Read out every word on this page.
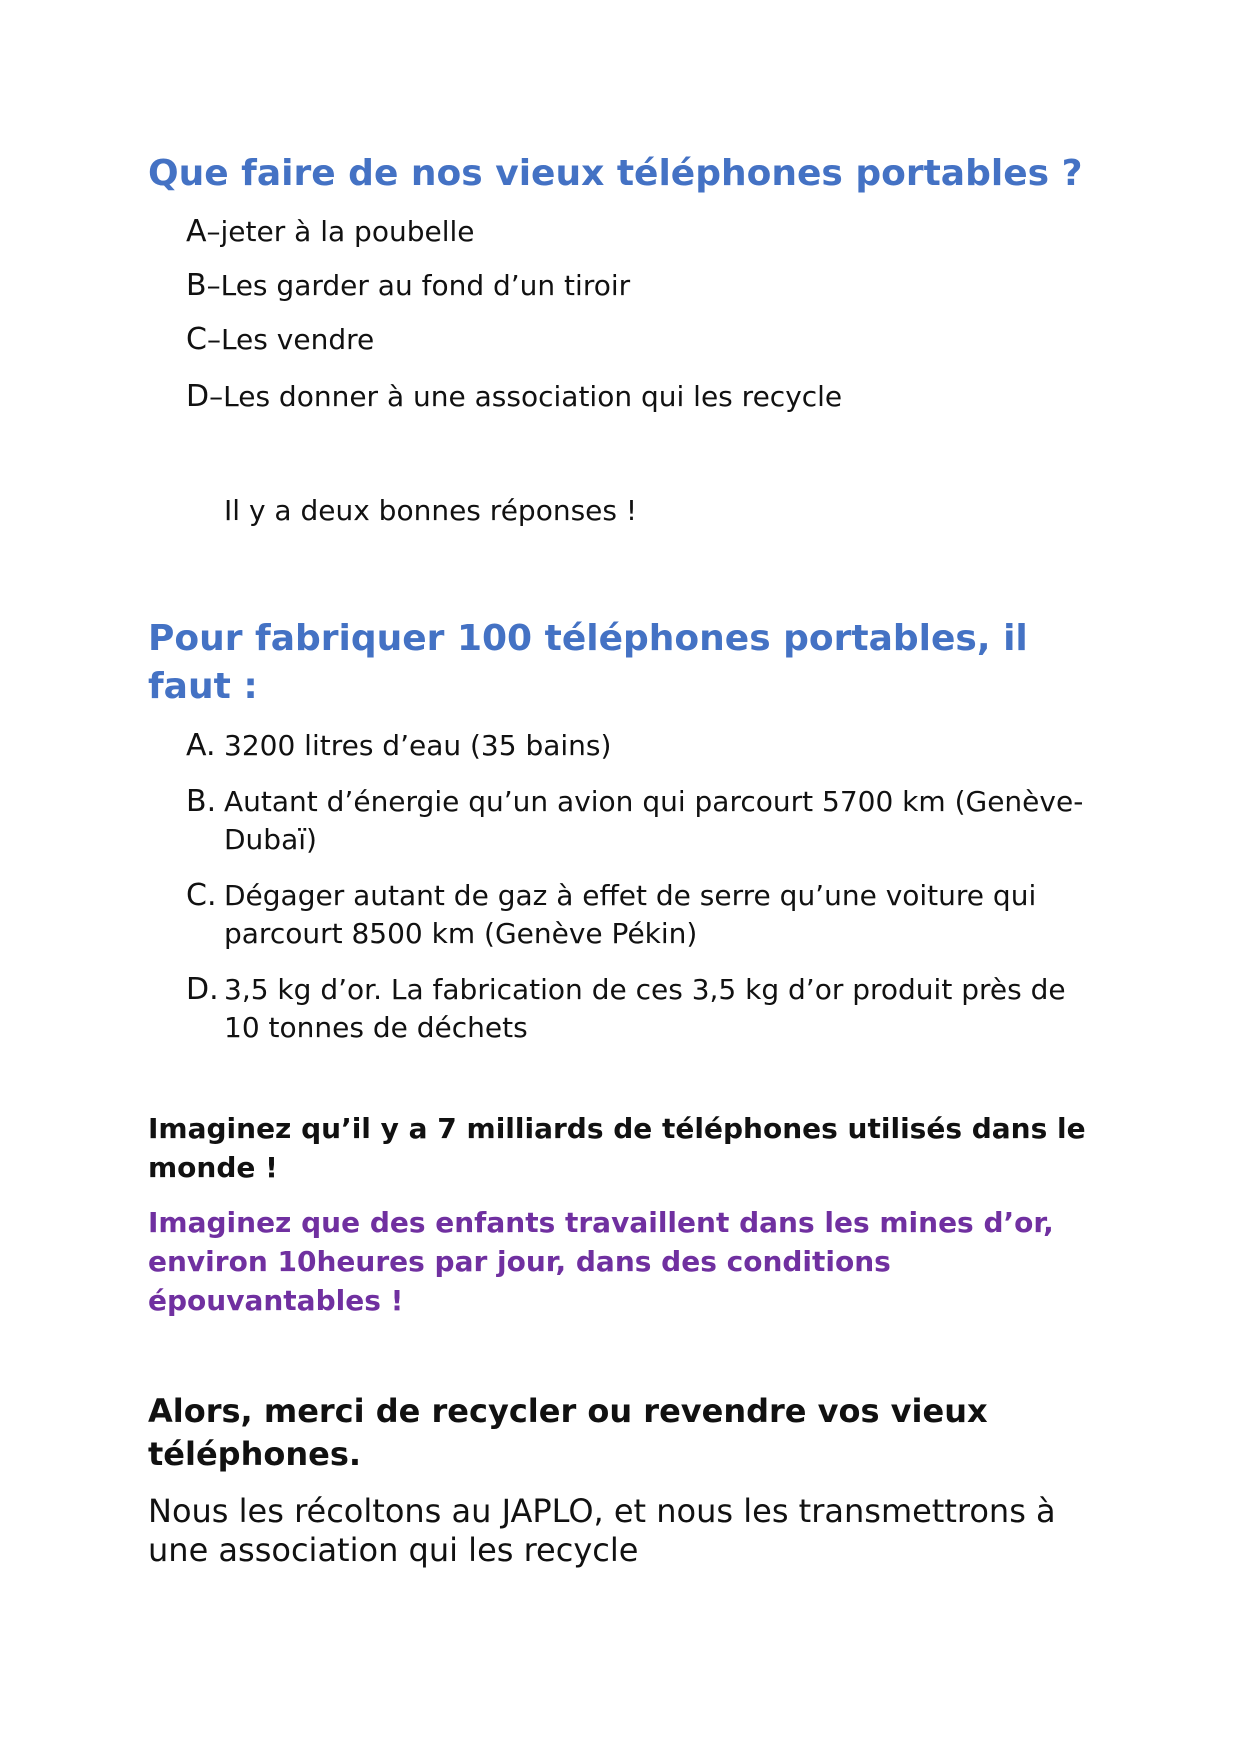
Que faire de nos vieux téléphones portables ?
A–jeter à la poubelle
B–Les garder au fond d’un tiroir
C–Les vendre
D–Les donner à une association qui les recycle
Il y a deux bonnes réponses !
Pour fabriquer 100 téléphones portables, il faut :
A. 3200 litres d’eau (35 bains)
B. Autant d’énergie qu’un avion qui parcourt 5700 km (Genève- Dubaï)
C. Dégager autant de gaz à effet de serre qu’une voiture qui parcourt 8500 km (Genève Pékin)
D. 3,5 kg d’or. La fabrication de ces 3,5 kg d’or produit près de 10 tonnes de déchets

Imaginez qu’il y a 7 milliards de téléphones utilisés dans le monde !

Imaginez que des enfants travaillent dans les mines d’or, environ 10heures par jour, dans des conditions épouvantables !

Alors, merci de recycler ou revendre vos vieux téléphones.

Nous les récoltons au JAPLO, et nous les transmettrons à une association qui les recycle
